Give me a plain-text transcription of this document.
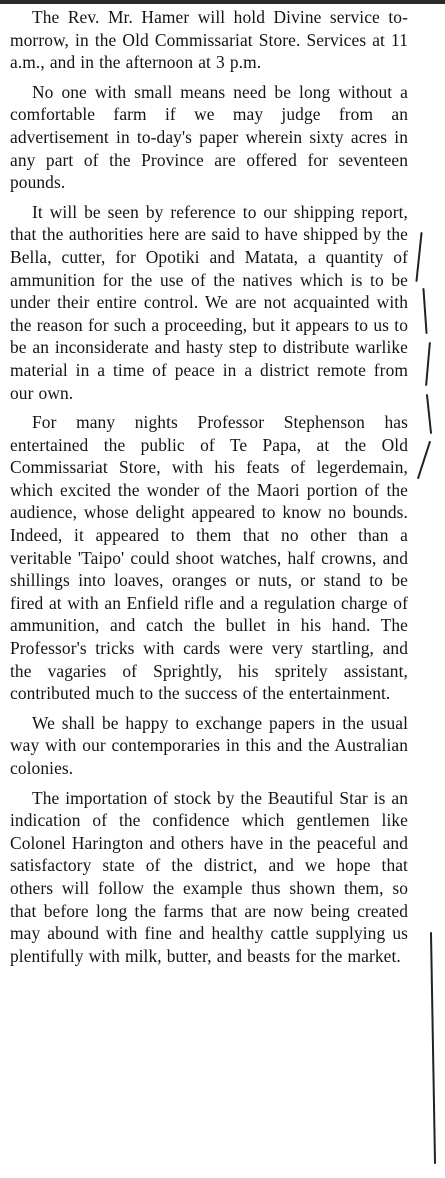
The Rev. Mr. Hamer will hold Divine service to-morrow, in the Old Commissariat Store. Services at 11 a.m., and in the afternoon at 3 p.m.

No one with small means need be long without a comfortable farm if we may judge from an advertisement in to-day's paper wherein sixty acres in any part of the Province are offered for seventeen pounds.

It will be seen by reference to our shipping report, that the authorities here are said to have shipped by the Bella, cutter, for Opotiki and Matata, a quantity of ammunition for the use of the natives which is to be under their entire control. We are not acquainted with the reason for such a proceeding, but it appears to us to be an inconsiderate and hasty step to distribute warlike material in a time of peace in a district remote from our own.

For many nights Professor Stephenson has entertained the public of Te Papa, at the Old Commissariat Store, with his feats of legerdemain, which excited the wonder of the Maori portion of the audience, whose delight appeared to know no bounds. Indeed, it appeared to them that no other than a veritable 'Taipo' could shoot watches, half crowns, and shillings into loaves, oranges or nuts, or stand to be fired at with an Enfield rifle and a regulation charge of ammunition, and catch the bullet in his hand. The Professor's tricks with cards were very startling, and the vagaries of Sprightly, his spritely assistant, contributed much to the success of the entertainment.

We shall be happy to exchange papers in the usual way with our contemporaries in this and the Australian colonies.

The importation of stock by the Beautiful Star is an indication of the confidence which gentlemen like Colonel Harington and others have in the peaceful and satisfactory state of the district, and we hope that others will follow the example thus shown them, so that before long the farms that are now being created may abound with fine and healthy cattle supplying us plentifully with milk, butter, and beasts for the market.
